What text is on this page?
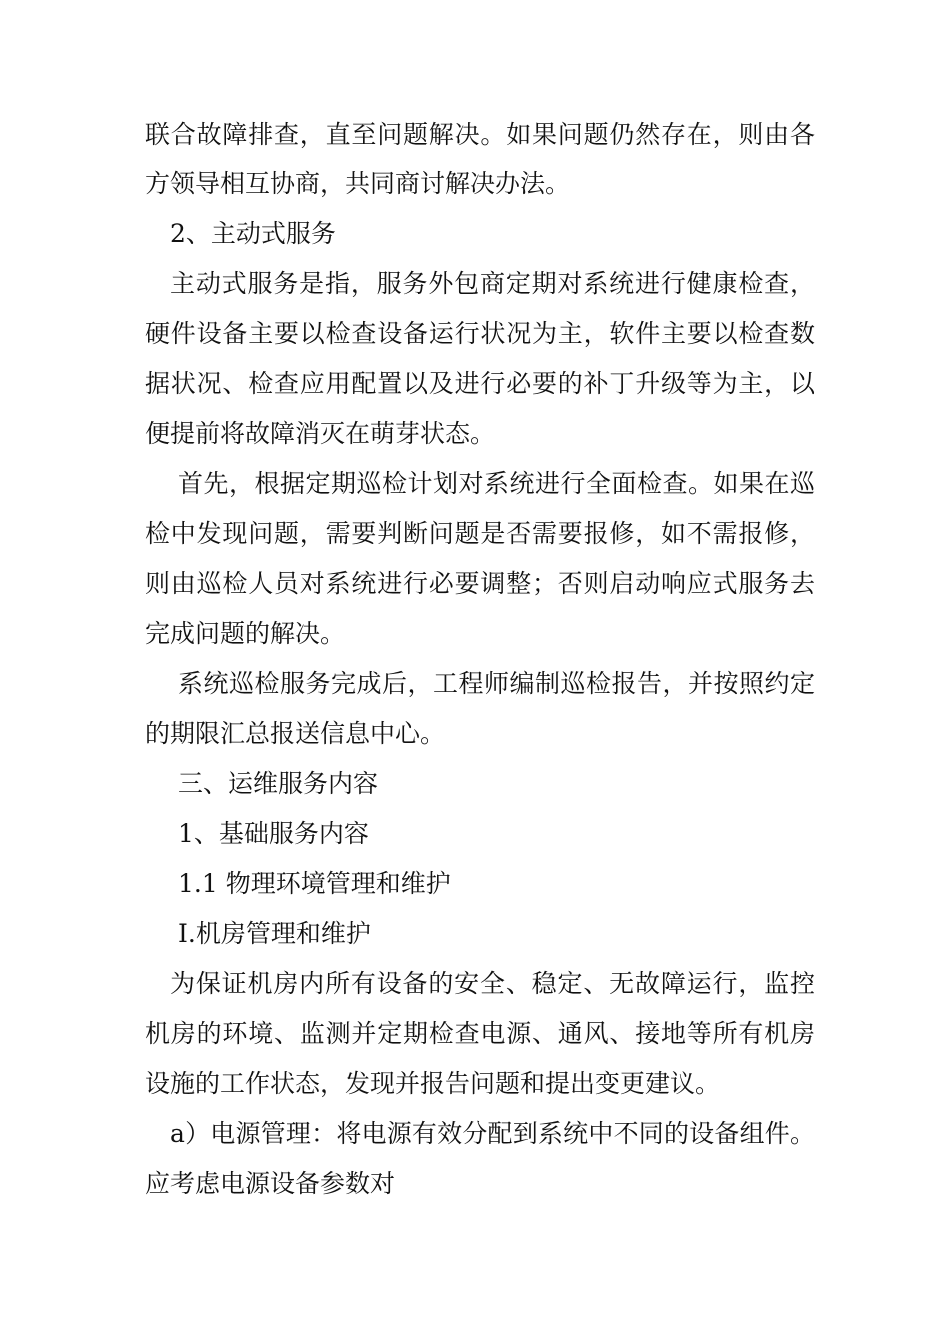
联合故障排查，直至问题解决。如果问题仍然存在，则由各
方领导相互协商，共同商讨解决办法。
2、主动式服务
主动式服务是指，服务外包商定期对系统进行健康检查，
硬件设备主要以检查设备运行状况为主，软件主要以检查数
据状况、检查应用配置以及进行必要的补丁升级等为主，以
便提前将故障消灭在萌芽状态。
首先，根据定期巡检计划对系统进行全面检查。如果在巡
检中发现问题，需要判断问题是否需要报修，如不需报修，
则由巡检人员对系统进行必要调整；否则启动响应式服务去
完成问题的解决。
系统巡检服务完成后，工程师编制巡检报告，并按照约定
的期限汇总报送信息中心。
三、运维服务内容
1、基础服务内容
1.1 物理环境管理和维护
Ⅰ.机房管理和维护
为保证机房内所有设备的安全、稳定、无故障运行，监控
机房的环境、监测并定期检查电源、通风、接地等所有机房
设施的工作状态，发现并报告问题和提出变更建议。
a）电源管理：将电源有效分配到系统中不同的设备组件。
应考虑电源设备参数对
